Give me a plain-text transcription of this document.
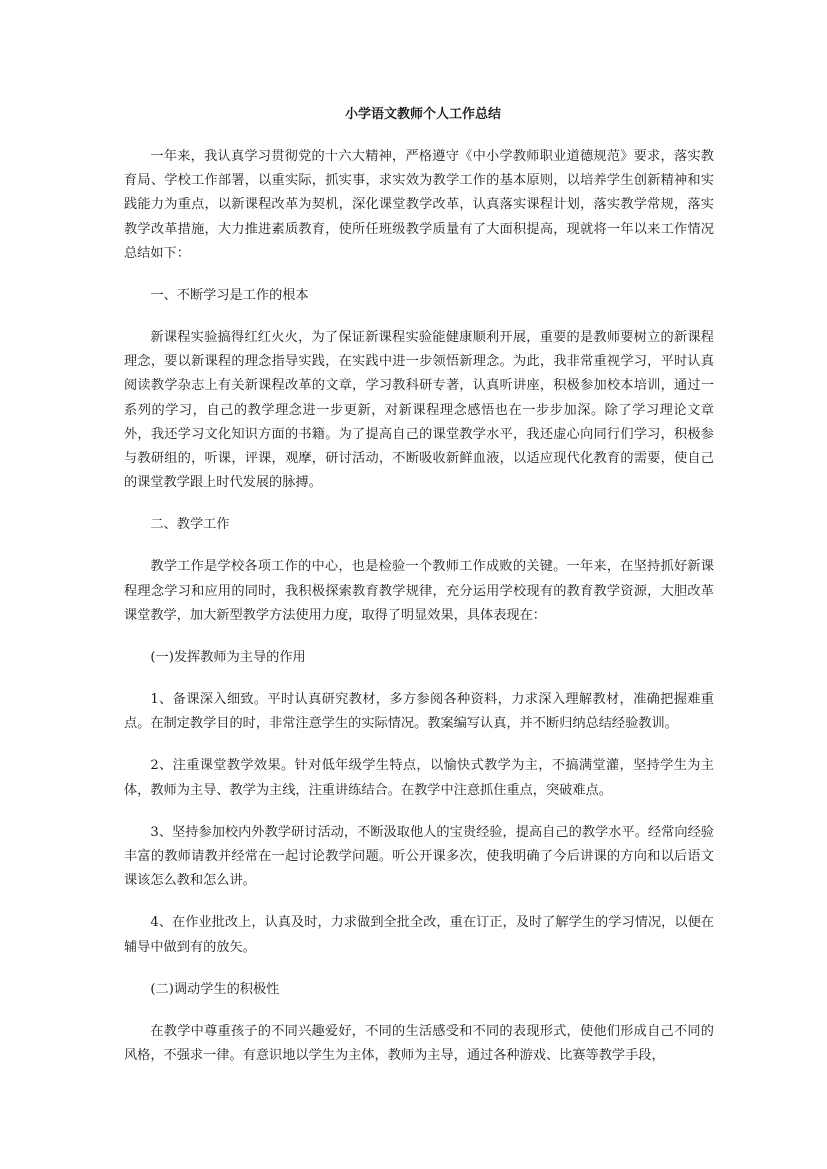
小学语文教师个人工作总结

一年来，我认真学习贯彻党的十六大精神，严格遵守《中小学教师职业道德规范》要求，落实教育局、学校工作部署，以重实际，抓实事，求实效为教学工作的基本原则，以培养学生创新精神和实践能力为重点，以新课程改革为契机，深化课堂教学改革，认真落实课程计划，落实教学常规，落实教学改革措施，大力推进素质教育，使所任班级教学质量有了大面积提高，现就将一年以来工作情况总结如下：

一、不断学习是工作的根本

新课程实验搞得红红火火，为了保证新课程实验能健康顺利开展，重要的是教师要树立的新课程理念，要以新课程的理念指导实践，在实践中进一步领悟新理念。为此，我非常重视学习，平时认真阅读教学杂志上有关新课程改革的文章，学习教科研专著，认真听讲座，积极参加校本培训，通过一系列的学习，自己的教学理念进一步更新，对新课程理念感悟也在一步步加深。除了学习理论文章外，我还学习文化知识方面的书籍。为了提高自己的课堂教学水平，我还虚心向同行们学习，积极参与教研组的，听课，评课，观摩，研讨活动，不断吸收新鲜血液，以适应现代化教育的需要，使自己的课堂教学跟上时代发展的脉搏。

二、教学工作

教学工作是学校各项工作的中心，也是检验一个教师工作成败的关键。一年来，在坚持抓好新课程理念学习和应用的同时，我积极探索教育教学规律，充分运用学校现有的教育教学资源，大胆改革课堂教学，加大新型教学方法使用力度，取得了明显效果，具体表现在：

(一)发挥教师为主导的作用

1、备课深入细致。平时认真研究教材，多方参阅各种资料，力求深入理解教材，准确把握难重点。在制定教学目的时，非常注意学生的实际情况。教案编写认真，并不断归纳总结经验教训。

2、注重课堂教学效果。针对低年级学生特点，以愉快式教学为主，不搞满堂灌，坚持学生为主体，教师为主导、教学为主线，注重讲练结合。在教学中注意抓住重点，突破难点。

3、坚持参加校内外教学研讨活动，不断汲取他人的宝贵经验，提高自己的教学水平。经常向经验丰富的教师请教并经常在一起讨论教学问题。听公开课多次，使我明确了今后讲课的方向和以后语文课该怎么教和怎么讲。

4、在作业批改上，认真及时，力求做到全批全改，重在订正，及时了解学生的学习情况，以便在辅导中做到有的放矢。

(二)调动学生的积极性

在教学中尊重孩子的不同兴趣爱好，不同的生活感受和不同的表现形式，使他们形成自己不同的风格，不强求一律。有意识地以学生为主体，教师为主导，通过各种游戏、比赛等教学手段，
